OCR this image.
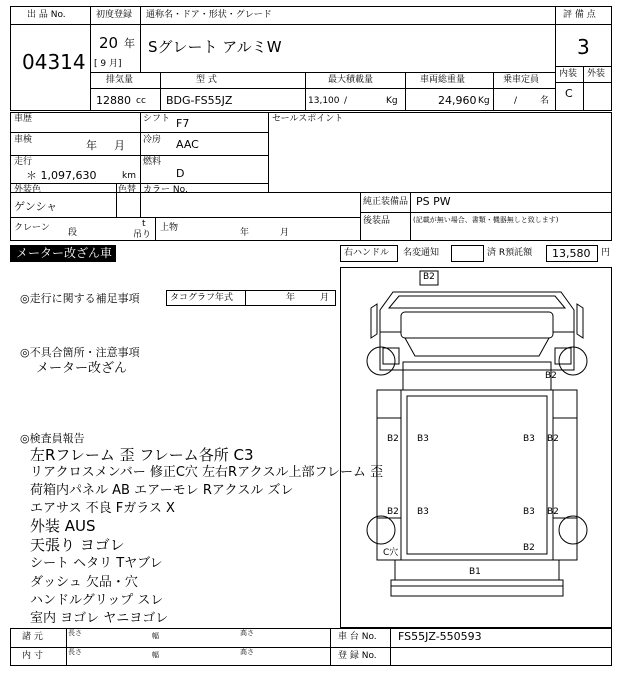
出 品 No.
04314
初度登録 通称名・ドア・形状・グレード
20 年
[ 9 月]
Sグレート アルミW
評 備 点
3
内装 外装
C
排気量	型 式	最大積載量	車両総重量	乗車定員
12880 cc BDG-FS55JZ	13,100 /	Kg	24,960 Kg	/	名
車歴	シフト F7	セールスポイント
車検	年 月 冷房 AAC
走行
＊ 1,097,630	km
燃料
D
外装色
ゲンシャ
色替 カラー No.
純正装備品 PS PW
後装品	(記載が無い場合、書類・機器無しと致します)
クレーン 段
t
吊り
上物	年	月
メーター改ざん車	右ハンドル 名変通知	済 R預託額 13,580 円
◎走行に関する補足事項	タコグラフ年式	年	月
◎不具合箇所・注意事項
メーター改ざん
◎検査員報告
左Rフレーム 歪 フレーム各所 C3
リアクロスメンバー 修正C穴 左右Rアクスル上部フレーム 歪
荷箱内パネル AB エアーモレ Rアクスル ズレ
エアサス 不良 Fガラス X
外装 AUS
天張り ヨゴレ
シート ヘタリ Tヤブレ
ダッシュ 欠品・穴
ハンドルグリップ スレ
室内 ヨゴレ ヤニヨゴレ
B2
B2
B2 B3	B3 B2
B2 B3	B3 B2
B2
C穴
B1
諸 元
内 寸
長さ	幅	高さ
長さ	幅	高さ
車 台 No. FS55JZ-550593
登 録 No.
